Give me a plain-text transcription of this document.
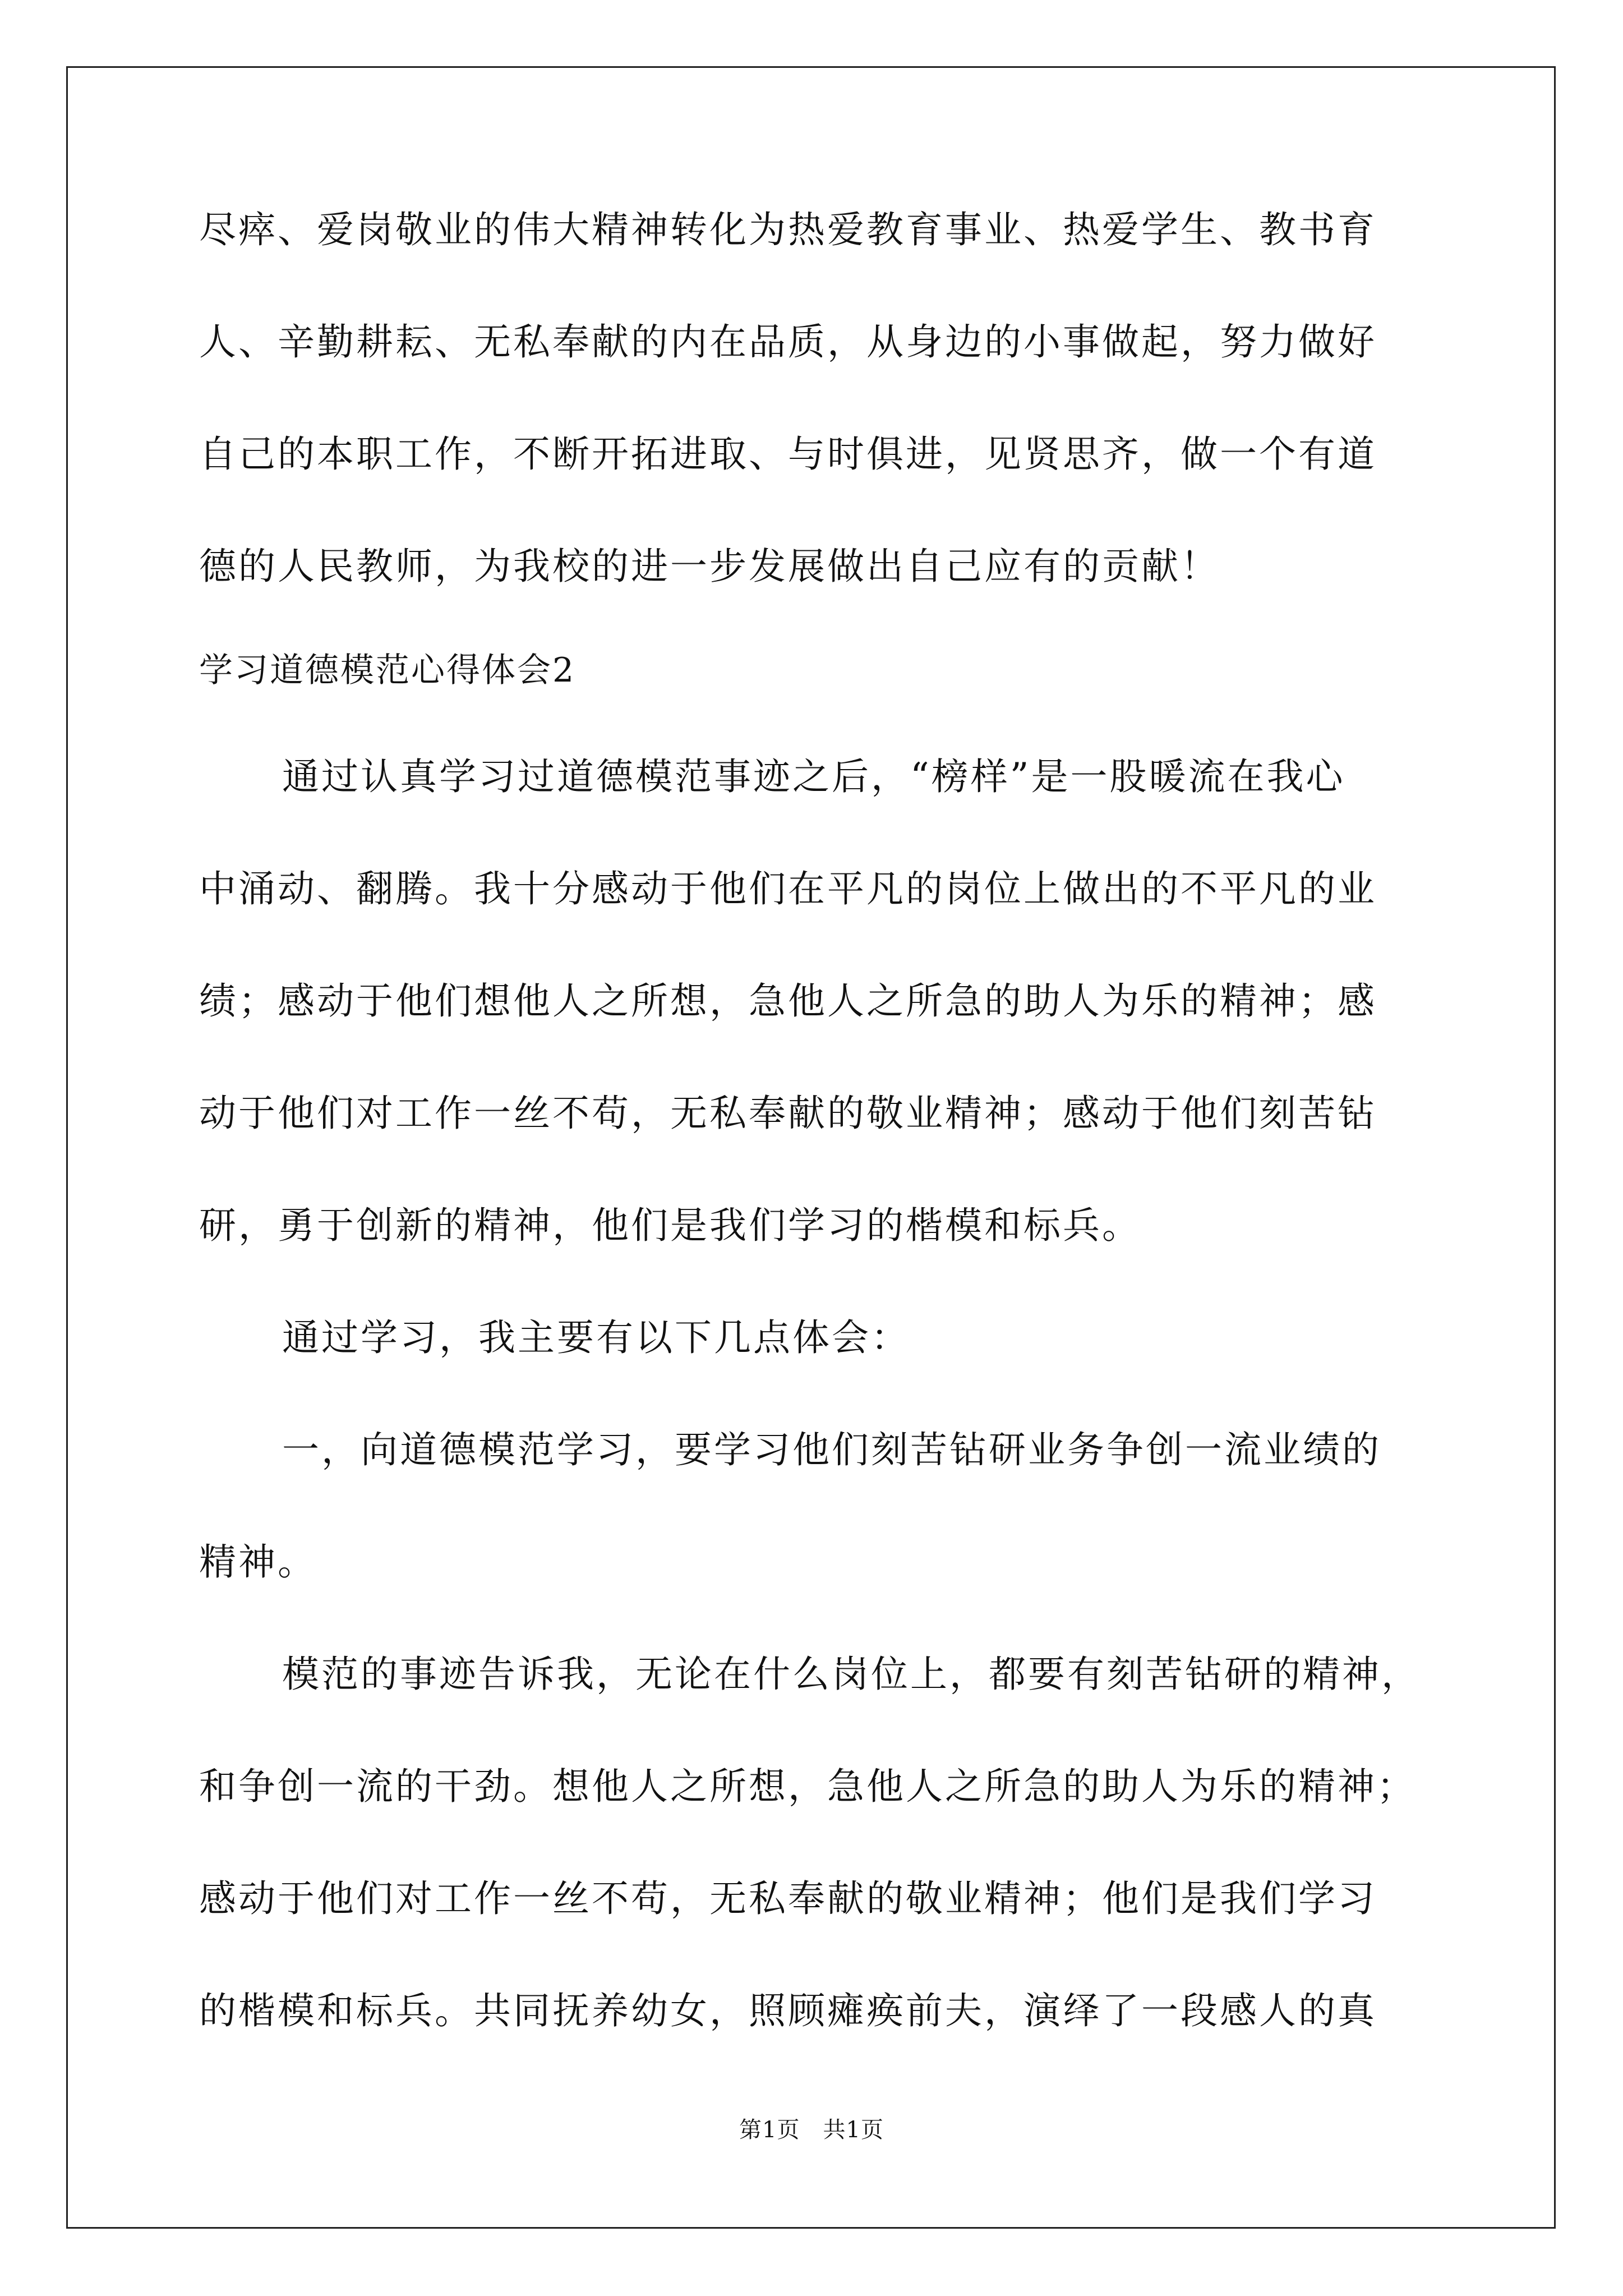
尽瘁、爱岗敬业的伟大精神转化为热爱教育事业、热爱学生、教书育
人、辛勤耕耘、无私奉献的内在品质，从身边的小事做起，努力做好
自己的本职工作，不断开拓进取、与时俱进，见贤思齐，做一个有道
德的人民教师，为我校的进一步发展做出自己应有的贡献！
学习道德模范心得体会2
通过认真学习过道德模范事迹之后，“榜样”是一股暖流在我心
中涌动、翻腾。我十分感动于他们在平凡的岗位上做出的不平凡的业
绩；感动于他们想他人之所想，急他人之所急的助人为乐的精神；感
动于他们对工作一丝不苟，无私奉献的敬业精神；感动于他们刻苦钻
研，勇于创新的精神，他们是我们学习的楷模和标兵。
通过学习，我主要有以下几点体会：
一，向道德模范学习，要学习他们刻苦钻研业务争创一流业绩的
精神。
模范的事迹告诉我，无论在什么岗位上，都要有刻苦钻研的精神，
和争创一流的干劲。想他人之所想，急他人之所急的助人为乐的精神；
感动于他们对工作一丝不苟，无私奉献的敬业精神；他们是我们学习
的楷模和标兵。共同抚养幼女，照顾瘫痪前夫，演绎了一段感人的真
第1页　共1页
